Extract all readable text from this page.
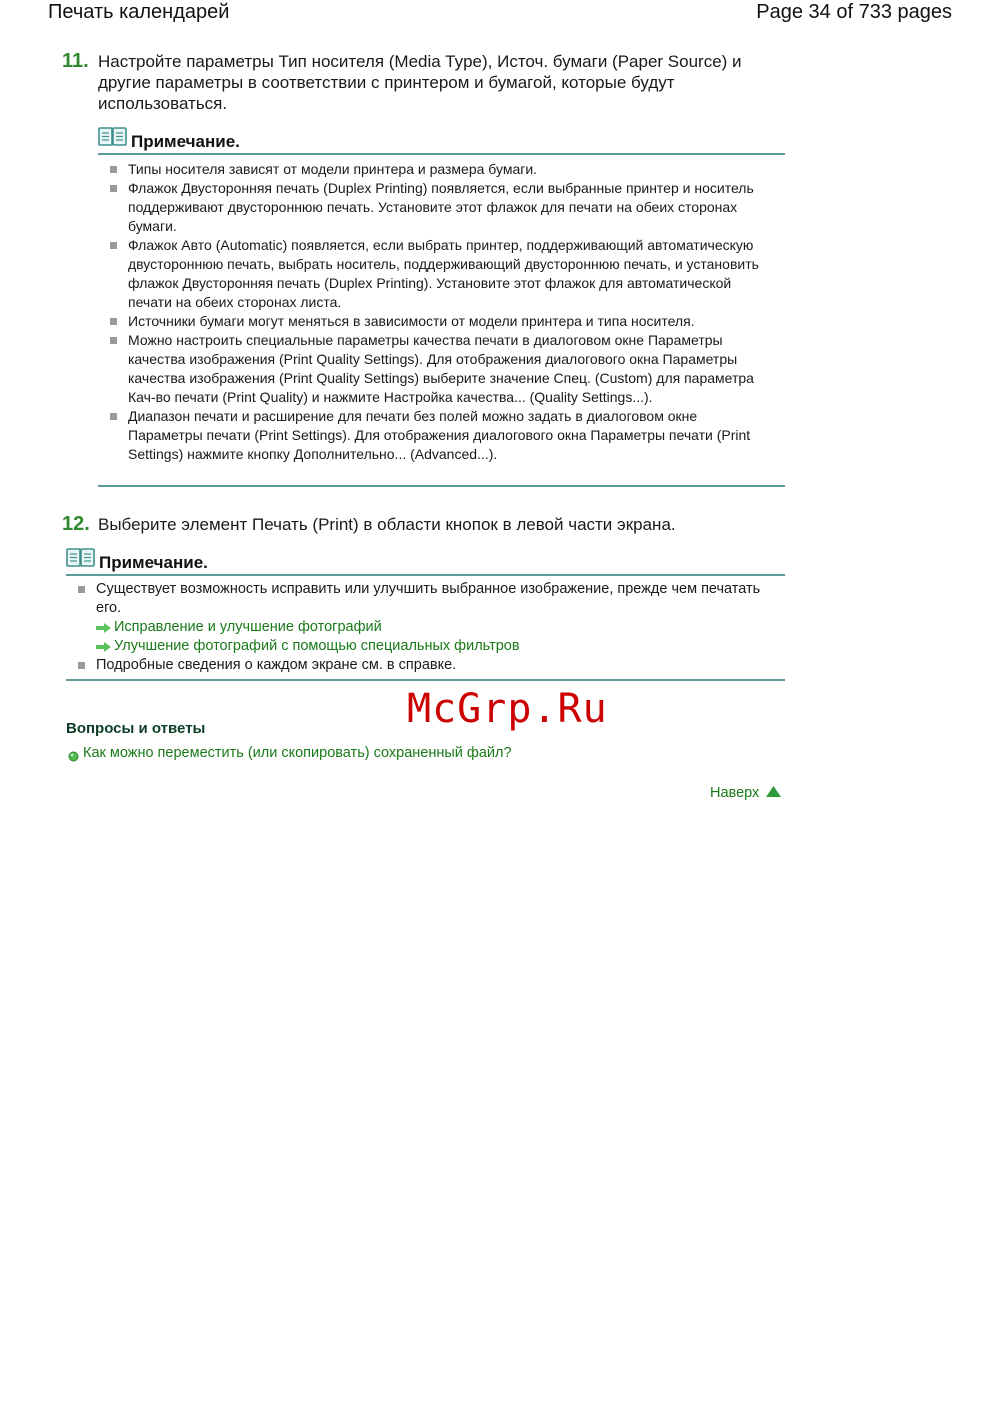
Печать календарей	Page 34 of 733 pages
11. Настройте параметры Тип носителя (Media Type), Источ. бумаги (Paper Source) и другие параметры в соответствии с принтером и бумагой, которые будут использоваться.
Примечание.
Типы носителя зависят от модели принтера и размера бумаги.
Флажок Двусторонняя печать (Duplex Printing) появляется, если выбранные принтер и носитель поддерживают двустороннюю печать. Установите этот флажок для печати на обеих сторонах бумаги.
Флажок Авто (Automatic) появляется, если выбрать принтер, поддерживающий автоматическую двустороннюю печать, выбрать носитель, поддерживающий двустороннюю печать, и установить флажок Двусторонняя печать (Duplex Printing). Установите этот флажок для автоматической печати на обеих сторонах листа.
Источники бумаги могут меняться в зависимости от модели принтера и типа носителя.
Можно настроить специальные параметры качества печати в диалоговом окне Параметры качества изображения (Print Quality Settings). Для отображения диалогового окна Параметры качества изображения (Print Quality Settings) выберите значение Спец. (Custom) для параметра Кач-во печати (Print Quality) и нажмите Настройка качества... (Quality Settings...).
Диапазон печати и расширение для печати без полей можно задать в диалоговом окне Параметры печати (Print Settings). Для отображения диалогового окна Параметры печати (Print Settings) нажмите кнопку Дополнительно... (Advanced...).
12. Выберите элемент Печать (Print) в области кнопок в левой части экрана.
Примечание.
Существует возможность исправить или улучшить выбранное изображение, прежде чем печатать его.
Исправление и улучшение фотографий
Улучшение фотографий с помощью специальных фильтров
Подробные сведения о каждом экране см. в справке.
McGrp.Ru
Вопросы и ответы
Как можно переместить (или скопировать) сохраненный файл?
Наверх
